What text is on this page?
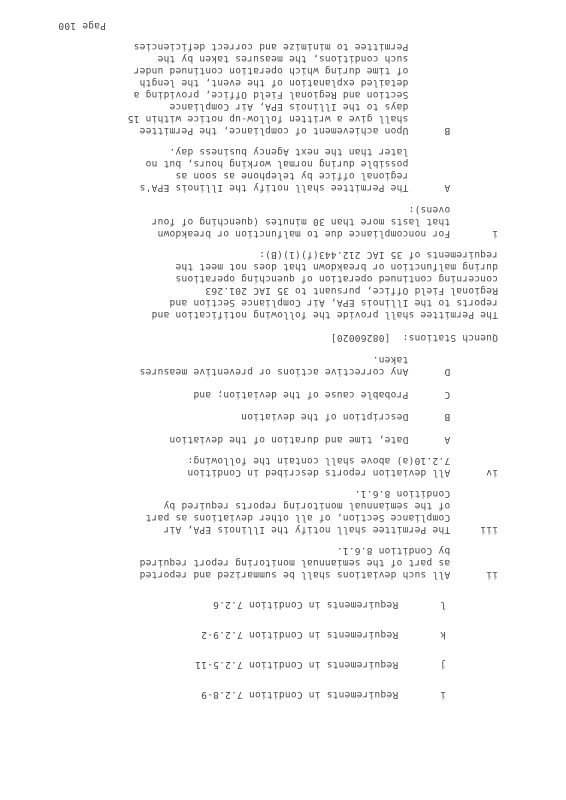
i       Requirements in Condition 7.2.8-9
j       Requirements in Condition 7.2.5-11
k       Requirements in Condition 7.2.9-2
l       Requirements in Condition 7.2.6
ii      All such deviations shall be summarized and reported
as part of the semiannual monitoring report required
by Condition 8.6.1.
iii     The Permittee shall notify the Illinois EPA, Air
Compliance Section, of all other deviations as part
of the semiannual monitoring reports required by
Condition 8.6.1.
iv      All deviation reports described in Condition
7.2.10(a) above shall contain the following:
A      Date, time and duration of the deviation
B      Description of the deviation
C      Probable cause of the deviation; and
D      Any corrective actions or preventive measures
taken.
Quench Stations:  [08260020]
The Permittee shall provide the following notification and
reports to the Illinois EPA, Air Compliance Section and
Regional Field Office, pursuant to 35 IAC 201.263
concerning continued operation of quenching operations
during malfunction or breakdown that does not meet the
requirements of 35 IAC 212.443(f)(1)(B):
i       For noncompliance due to malfunction or breakdown
that lasts more than 30 minutes (quenching of four
ovens):
A      The Permittee shall notify the Illinois EPA's
regional office by telephone as soon as
possible during normal working hours, but no
later than the next Agency business day.
B      Upon achievement of compliance, the Permittee
shall give a written follow-up notice within 15
days to the Illinois EPA, Air Compliance
Section and Regional Field Office, providing a
detailed explanation of the event, the length
of time during which operation continued under
such conditions, the measures taken by the
Permittee to minimize and correct deficiencies
Page 100
